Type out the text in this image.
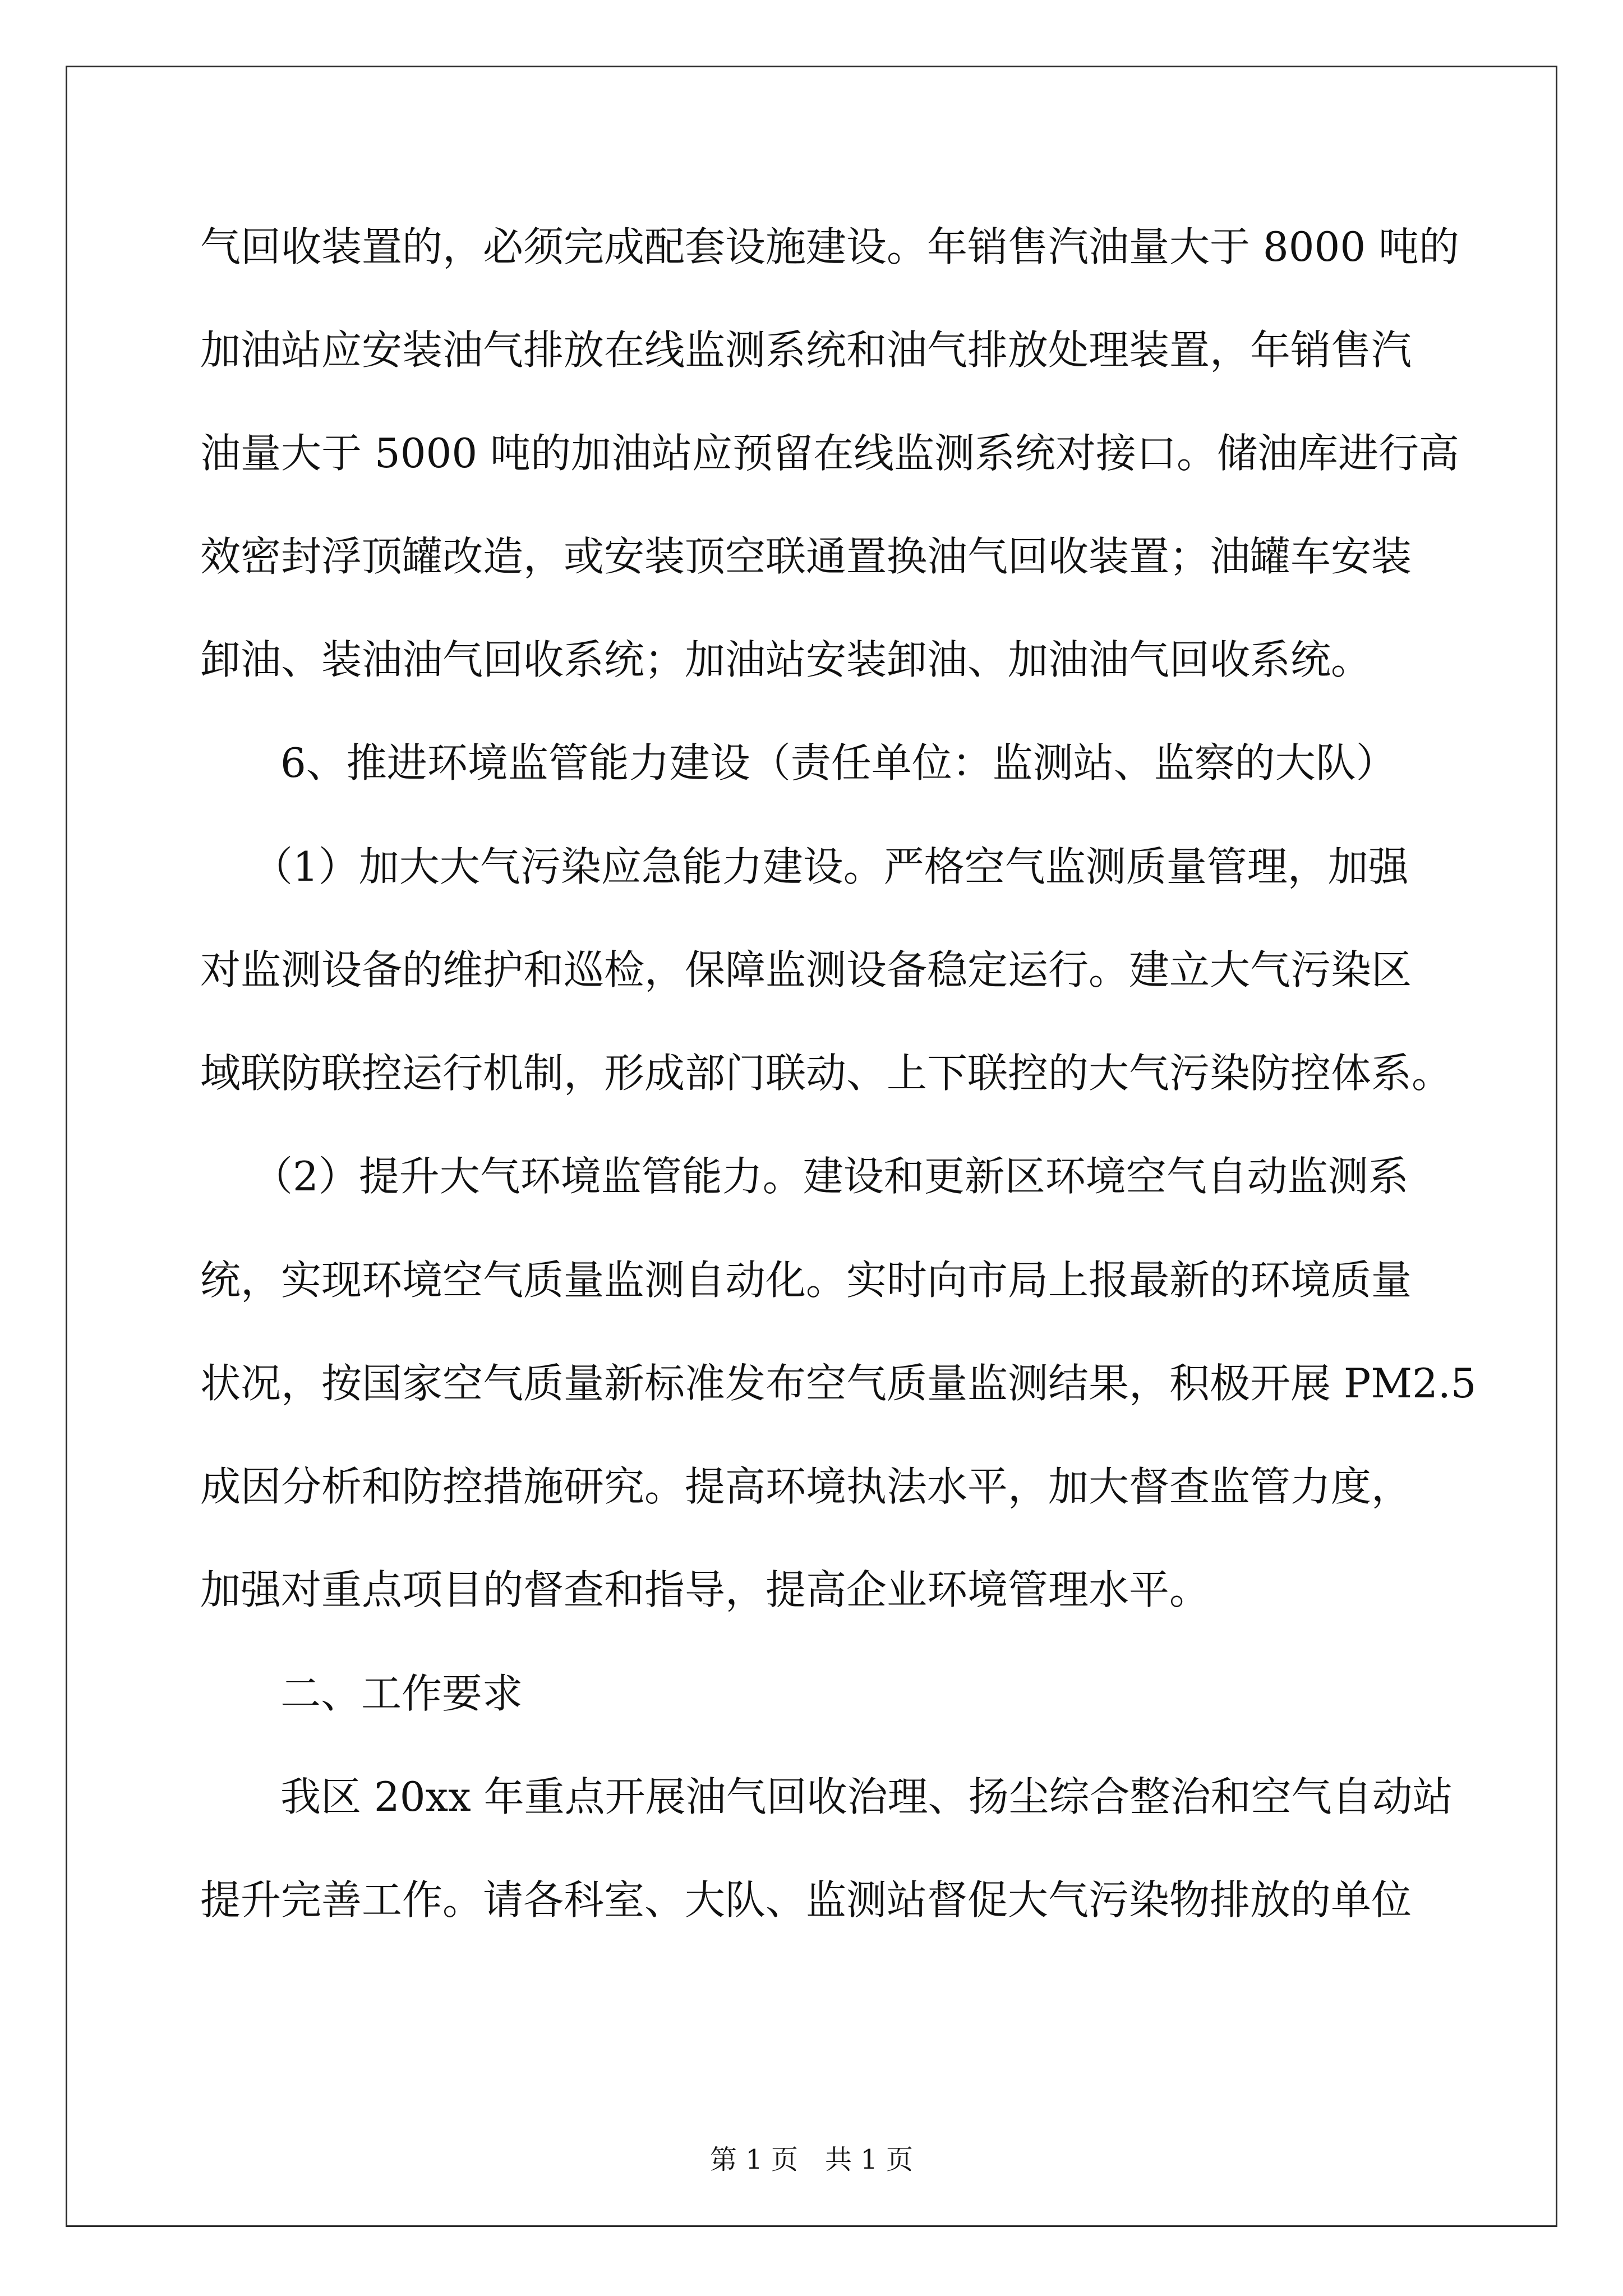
气回收装置的，必须完成配套设施建设。年销售汽油量大于 8000 吨的
加油站应安装油气排放在线监测系统和油气排放处理装置，年销售汽
油量大于 5000 吨的加油站应预留在线监测系统对接口。储油库进行高
效密封浮顶罐改造，或安装顶空联通置换油气回收装置；油罐车安装
卸油、装油油气回收系统；加油站安装卸油、加油油气回收系统。
6、推进环境监管能力建设（责任单位：监测站、监察的大队）
（1）加大大气污染应急能力建设。严格空气监测质量管理，加强
对监测设备的维护和巡检，保障监测设备稳定运行。建立大气污染区
域联防联控运行机制，形成部门联动、上下联控的大气污染防控体系。
（2）提升大气环境监管能力。建设和更新区环境空气自动监测系
统，实现环境空气质量监测自动化。实时向市局上报最新的环境质量
状况，按国家空气质量新标准发布空气质量监测结果，积极开展 PM2.5
成因分析和防控措施研究。提高环境执法水平，加大督查监管力度，
加强对重点项目的督查和指导，提高企业环境管理水平。
二、工作要求
我区 20xx 年重点开展油气回收治理、扬尘综合整治和空气自动站
提升完善工作。请各科室、大队、监测站督促大气污染物排放的单位
第 1 页　共 1 页
